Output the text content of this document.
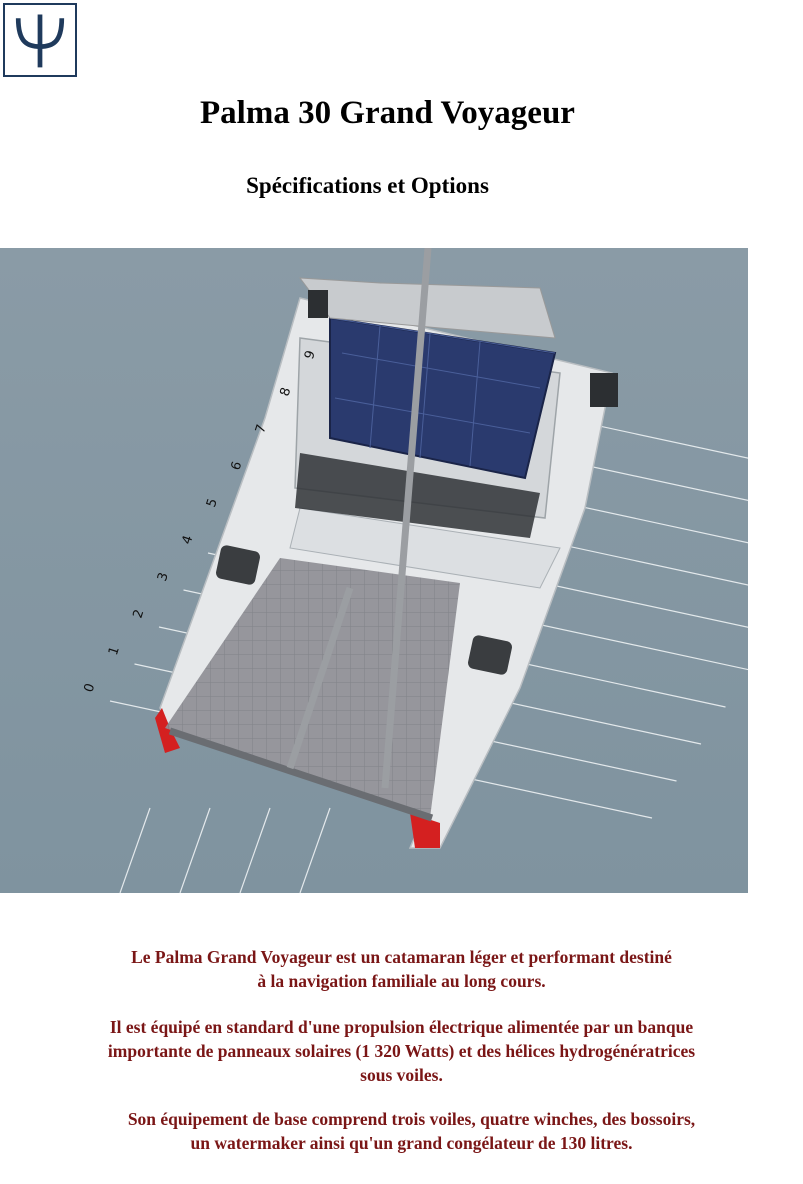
Palma 30 Grand Voyageur
Spécifications et Options
0
1
2
3
4
5
6
7
8
9
Le Palma Grand Voyageur est un catamaran léger et performant destiné
à la navigation familiale au long cours.
Il est équipé en standard d'une propulsion électrique alimentée par un banque
importante de panneaux solaires (1 320 Watts) et des hélices hydrogénératrices
sous voiles.
Son équipement de base comprend trois voiles, quatre winches, des bossoirs,
un watermaker ainsi qu'un grand congélateur de 130 litres.
